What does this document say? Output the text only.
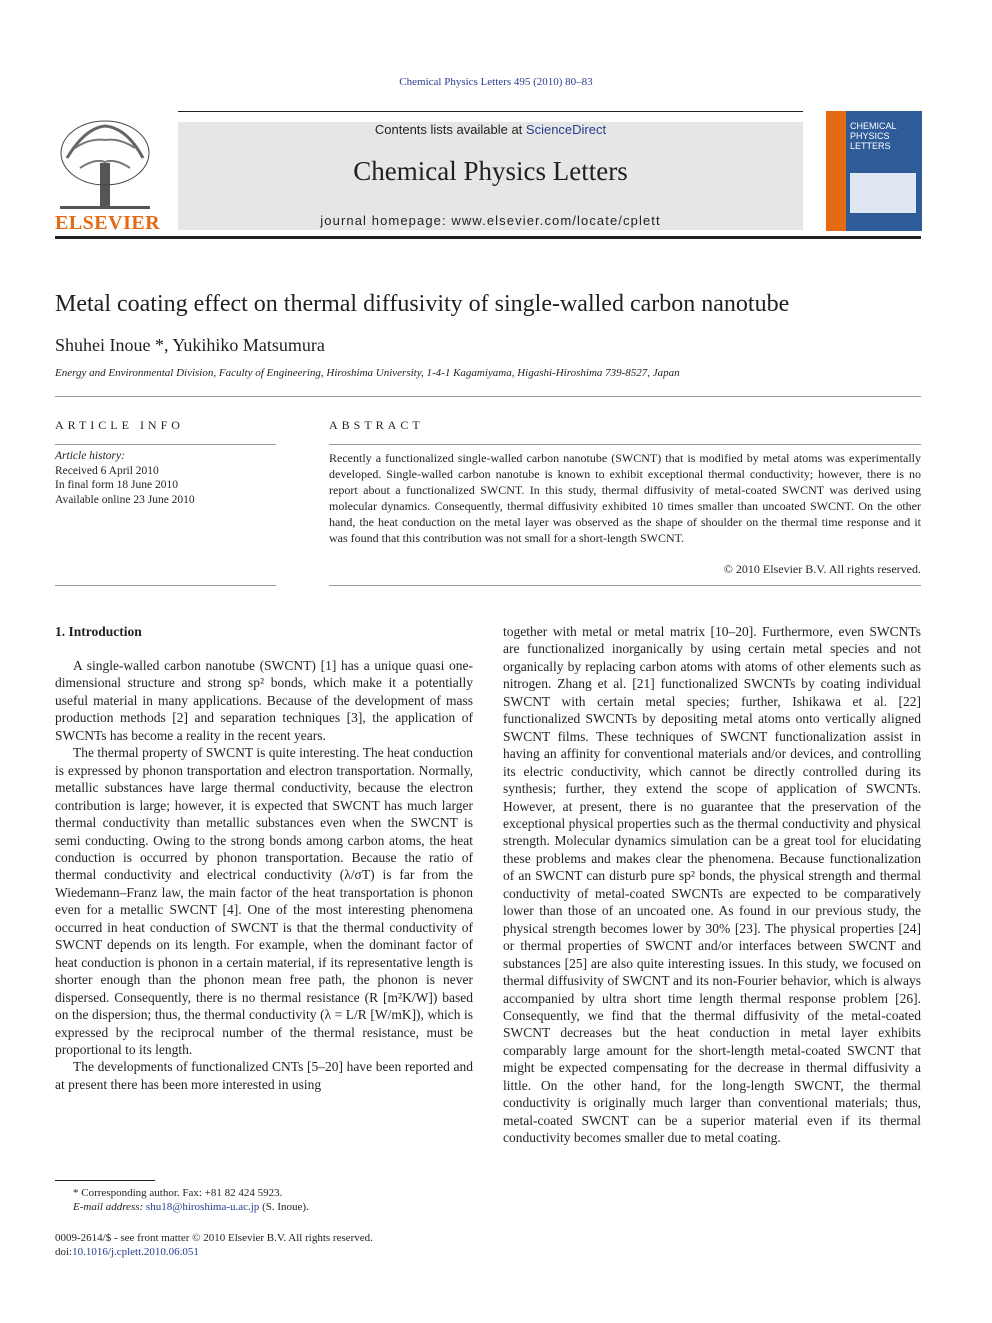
Chemical Physics Letters 495 (2010) 80–83
ELSEVIER
Contents lists available at ScienceDirect
Chemical Physics Letters
journal homepage: www.elsevier.com/locate/cplett
CHEMICAL
PHYSICS
LETTERS
Metal coating effect on thermal diffusivity of single-walled carbon nanotube
Shuhei Inoue *, Yukihiko Matsumura
Energy and Environmental Division, Faculty of Engineering, Hiroshima University, 1-4-1 Kagamiyama, Higashi-Hiroshima 739-8527, Japan
ARTICLE INFO	ABSTRACT
Article history:
Received 6 April 2010
In final form 18 June 2010
Available online 23 June 2010
Recently a functionalized single-walled carbon nanotube (SWCNT) that is modified by metal atoms was experimentally developed. Single-walled carbon nanotube is known to exhibit exceptional thermal conductivity; however, there is no report about a functionalized SWCNT. In this study, thermal diffusivity of metal-coated SWCNT was derived using molecular dynamics. Consequently, thermal diffusivity exhibited 10 times smaller than uncoated SWCNT. On the other hand, the heat conduction on the metal layer was observed as the shape of shoulder on the thermal time response and it was found that this contribution was not small for a short-length SWCNT.
© 2010 Elsevier B.V. All rights reserved.
1. Introduction

A single-walled carbon nanotube (SWCNT) [1] has a unique quasi one-dimensional structure and strong sp² bonds, which make it a potentially useful material in many applications. Because of the development of mass production methods [2] and separation techniques [3], the application of SWCNTs has become a reality in the recent years.

The thermal property of SWCNT is quite interesting. The heat conduction is expressed by phonon transportation and electron transportation. Normally, metallic substances have large thermal conductivity, because the electron contribution is large; however, it is expected that SWCNT has much larger thermal conductivity than metallic substances even when the SWCNT is semi conducting. Owing to the strong bonds among carbon atoms, the heat conduction is occurred by phonon transportation. Because the ratio of thermal conductivity and electrical conductivity (λ/σT) is far from the Wiedemann–Franz law, the main factor of the heat transportation is phonon even for a metallic SWCNT [4]. One of the most interesting phenomena occurred in heat conduction of SWCNT is that the thermal conductivity of SWCNT depends on its length. For example, when the dominant factor of heat conduction is phonon in a certain material, if its representative length is shorter enough than the phonon mean free path, the phonon is never dispersed. Consequently, there is no thermal resistance (R [m²K/W]) based on the dispersion; thus, the thermal conductivity (λ = L/R [W/mK]), which is expressed by the reciprocal number of the thermal resistance, must be proportional to its length.

The developments of functionalized CNTs [5–20] have been reported and at present there has been more interested in using

together with metal or metal matrix [10–20]. Furthermore, even SWCNTs are functionalized inorganically by using certain metal species and not organically by replacing carbon atoms with atoms of other elements such as nitrogen. Zhang et al. [21] functionalized SWCNTs by coating individual SWCNT with certain metal species; further, Ishikawa et al. [22] functionalized SWCNTs by depositing metal atoms onto vertically aligned SWCNT films. These techniques of SWCNT functionalization assist in having an affinity for conventional materials and/or devices, and controlling its electric conductivity, which cannot be directly controlled during its synthesis; further, they extend the scope of application of SWCNTs. However, at present, there is no guarantee that the preservation of the exceptional physical properties such as the thermal conductivity and physical strength. Molecular dynamics simulation can be a great tool for elucidating these problems and makes clear the phenomena. Because functionalization of an SWCNT can disturb pure sp² bonds, the physical strength and thermal conductivity of metal-coated SWCNTs are expected to be comparatively lower than those of an uncoated one. As found in our previous study, the physical strength becomes lower by 30% [23]. The physical properties [24] or thermal properties of SWCNT and/or interfaces between SWCNT and substances [25] are also quite interesting issues. In this study, we focused on thermal diffusivity of SWCNT and its non-Fourier behavior, which is always accompanied by ultra short time length thermal response problem [26]. Consequently, we find that the thermal diffusivity of the metal-coated SWCNT decreases but the heat conduction in metal layer exhibits comparably large amount for the short-length metal-coated SWCNT that might be expected compensating for the decrease in thermal diffusivity a little. On the other hand, for the long-length SWCNT, the thermal conductivity is originally much larger than conventional materials; thus, metal-coated SWCNT can be a superior material even if its thermal conductivity becomes smaller due to metal coating.

* Corresponding author. Fax: +81 82 424 5923.
E-mail address: shu18@hiroshima-u.ac.jp (S. Inoue).
0009-2614/$ - see front matter © 2010 Elsevier B.V. All rights reserved.
doi:10.1016/j.cplett.2010.06.051
